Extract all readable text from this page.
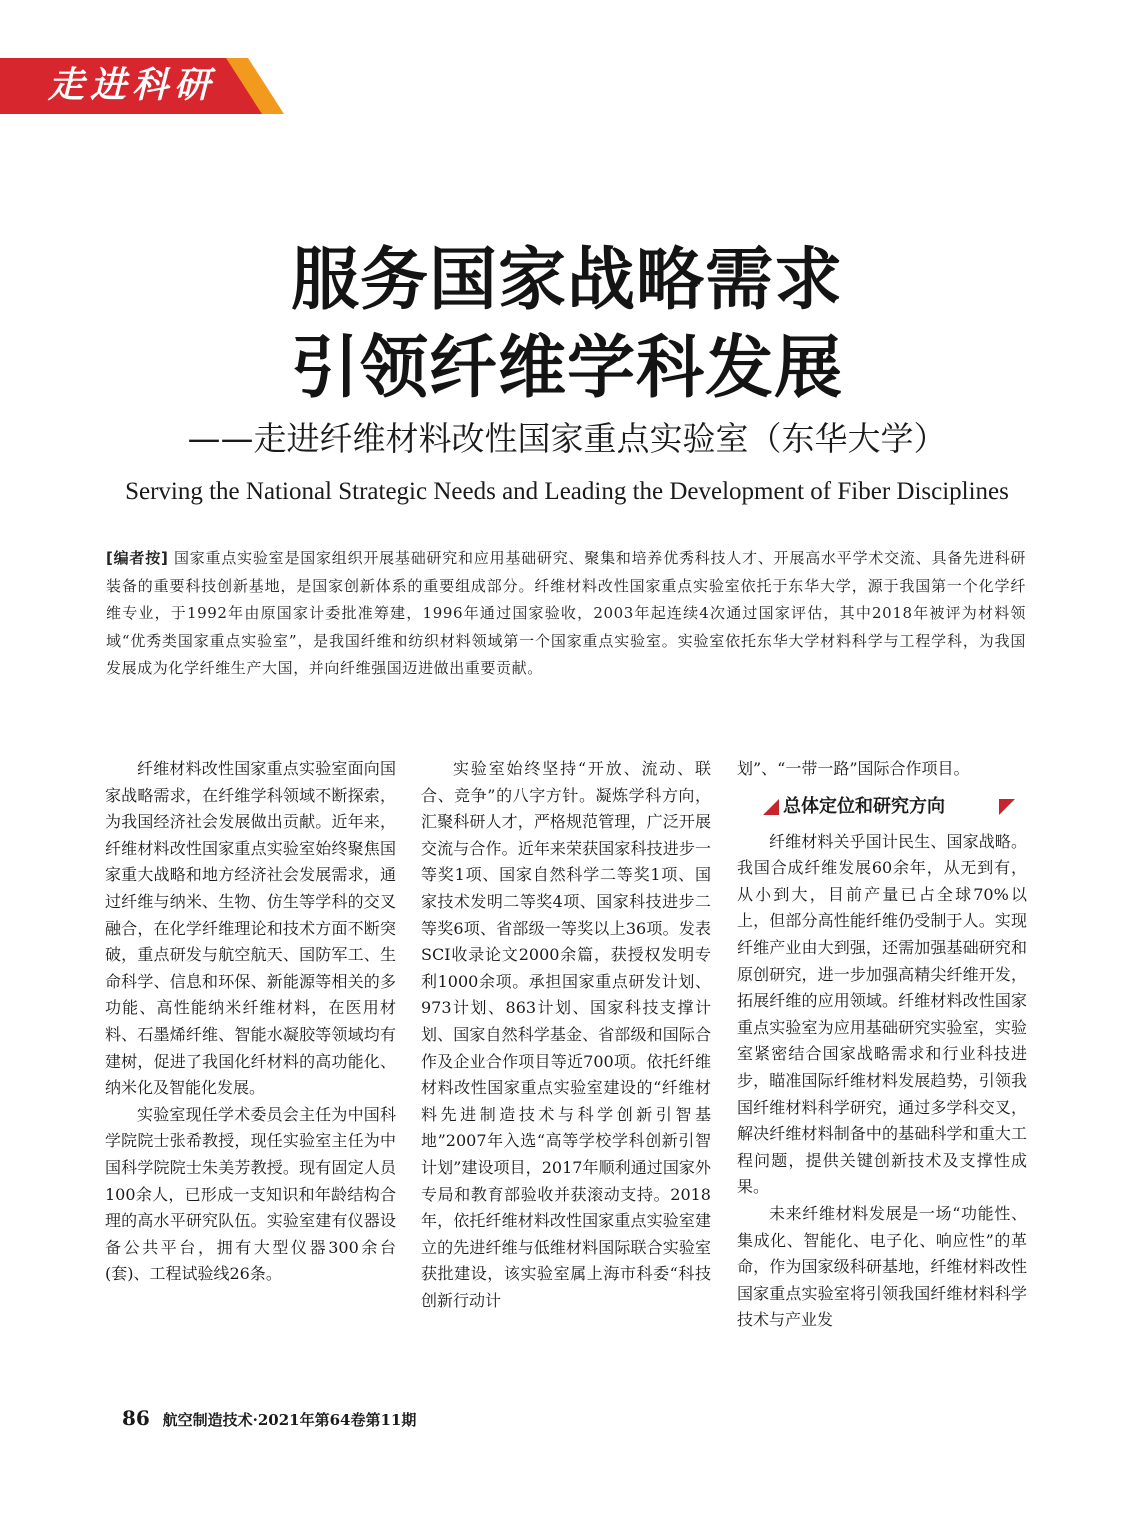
走进科研
服务国家战略需求
引领纤维学科发展
——走进纤维材料改性国家重点实验室（东华大学）
Serving the National Strategic Needs and Leading the Development of Fiber Disciplines
[编者按] 国家重点实验室是国家组织开展基础研究和应用基础研究、聚集和培养优秀科技人才、开展高水平学术交流、具备先进科研装备的重要科技创新基地，是国家创新体系的重要组成部分。纤维材料改性国家重点实验室依托于东华大学，源于我国第一个化学纤维专业，于1992年由原国家计委批准筹建，1996年通过国家验收，2003年起连续4次通过国家评估，其中2018年被评为材料领域“优秀类国家重点实验室”，是我国纤维和纺织材料领域第一个国家重点实验室。实验室依托东华大学材料科学与工程学科，为我国发展成为化学纤维生产大国，并向纤维强国迈进做出重要贡献。

纤维材料改性国家重点实验室面向国家战略需求，在纤维学科领域不断探索，为我国经济社会发展做出贡献。近年来，纤维材料改性国家重点实验室始终聚焦国家重大战略和地方经济社会发展需求，通过纤维与纳米、生物、仿生等学科的交叉融合，在化学纤维理论和技术方面不断突破，重点研发与航空航天、国防军工、生命科学、信息和环保、新能源等相关的多功能、高性能纳米纤维材料，在医用材料、石墨烯纤维、智能水凝胶等领域均有建树，促进了我国化纤材料的高功能化、纳米化及智能化发展。

实验室现任学术委员会主任为中国科学院院士张希教授，现任实验室主任为中国科学院院士朱美芳教授。现有固定人员100余人，已形成一支知识和年龄结构合理的高水平研究队伍。实验室建有仪器设备公共平台，拥有大型仪器300余台(套)、工程试验线26条。

实验室始终坚持“开放、流动、联合、竞争”的八字方针。凝炼学科方向，汇聚科研人才，严格规范管理，广泛开展交流与合作。近年来荣获国家科技进步一等奖1项、国家自然科学二等奖1项、国家技术发明二等奖4项、国家科技进步二等奖6项、省部级一等奖以上36项。发表SCI收录论文2000余篇，获授权发明专利1000余项。承担国家重点研发计划、973计划、863计划、国家科技支撑计划、国家自然科学基金、省部级和国际合作及企业合作项目等近700项。依托纤维材料改性国家重点实验室建设的“纤维材料先进制造技术与科学创新引智基地”2007年入选“高等学校学科创新引智计划”建设项目，2017年顺利通过国家外专局和教育部验收并获滚动支持。2018年，依托纤维材料改性国家重点实验室建立的先进纤维与低维材料国际联合实验室获批建设，该实验室属上海市科委“科技创新行动计

划”、“一带一路”国际合作项目。

总体定位和研究方向

纤维材料关乎国计民生、国家战略。我国合成纤维发展60余年，从无到有，从小到大，目前产量已占全球70%以上，但部分高性能纤维仍受制于人。实现纤维产业由大到强，还需加强基础研究和原创研究，进一步加强高精尖纤维开发，拓展纤维的应用领域。纤维材料改性国家重点实验室为应用基础研究实验室，实验室紧密结合国家战略需求和行业科技进步，瞄准国际纤维材料发展趋势，引领我国纤维材料科学研究，通过多学科交叉，解决纤维材料制备中的基础科学和重大工程问题，提供关键创新技术及支撑性成果。

未来纤维材料发展是一场“功能性、集成化、智能化、电子化、响应性”的革命，作为国家级科研基地，纤维材料改性国家重点实验室将引领我国纤维材料科学技术与产业发

86 航空制造技术·2021年第64卷第11期
